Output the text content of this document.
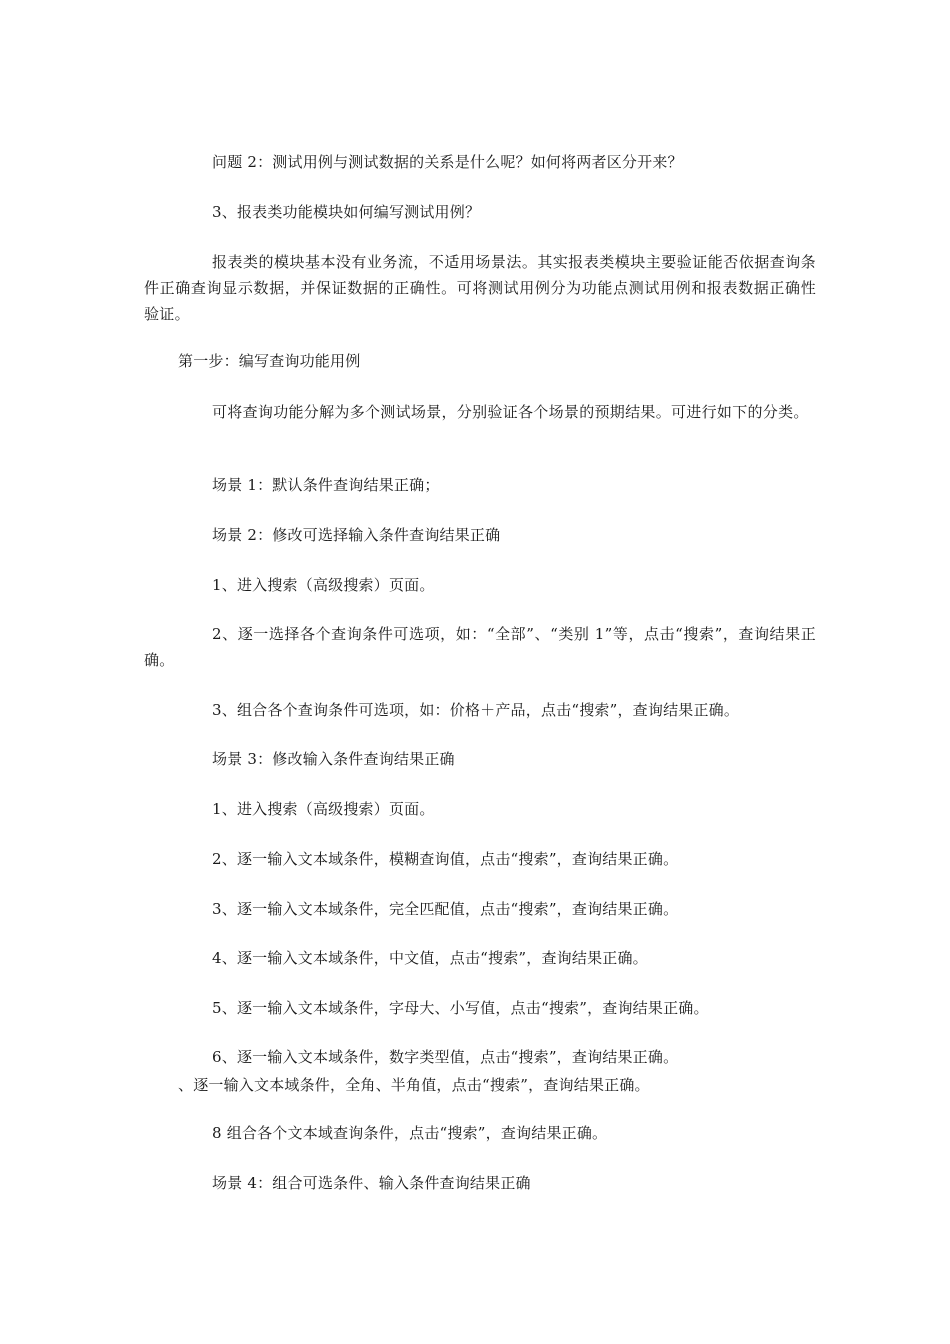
问题 2：测试用例与测试数据的关系是什么呢？如何将两者区分开来？
3、报表类功能模块如何编写测试用例？
报表类的模块基本没有业务流，不适用场景法。其实报表类模块主要验证能否依据查询条件正确查询显示数据，并保证数据的正确性。可将测试用例分为功能点测试用例和报表数据正确性验证。
第一步：编写查询功能用例
可将查询功能分解为多个测试场景，分别验证各个场景的预期结果。可进行如下的分类。
场景 1：默认条件查询结果正确；
场景 2：修改可选择输入条件查询结果正确
1、进入搜索（高级搜索）页面。
2、逐一选择各个查询条件可选项，如：“全部”、“类别 1”等，点击“搜索”，查询结果正确。
3、组合各个查询条件可选项，如：价格＋产品，点击“搜索”，查询结果正确。
场景 3：修改输入条件查询结果正确
1、进入搜索（高级搜索）页面。
2、逐一输入文本域条件，模糊查询值，点击“搜索”，查询结果正确。
3、逐一输入文本域条件，完全匹配值，点击“搜索”，查询结果正确。
4、逐一输入文本域条件，中文值，点击“搜索”，查询结果正确。
5、逐一输入文本域条件，字母大、小写值，点击“搜索”，查询结果正确。
6、逐一输入文本域条件，数字类型值，点击“搜索”，查询结果正确。
、逐一输入文本域条件，全角、半角值，点击“搜索”，查询结果正确。
8 组合各个文本域查询条件，点击“搜索”，查询结果正确。
场景 4：组合可选条件、输入条件查询结果正确
